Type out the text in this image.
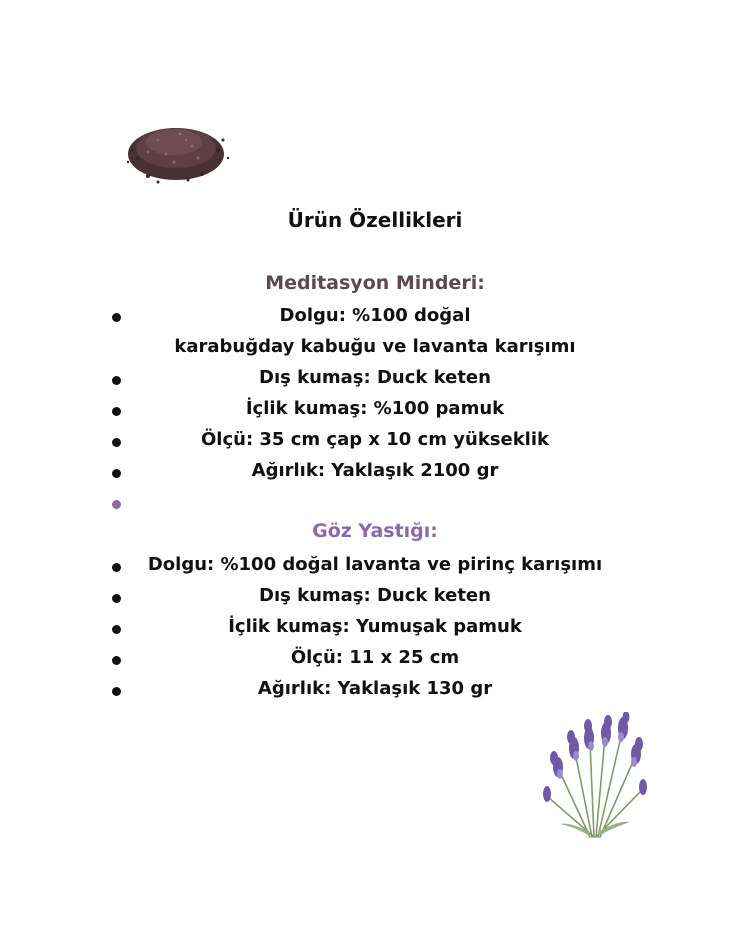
Ürün Özellikleri
Meditasyon Minderi:
Dolgu: %100 doğal
karabuğday kabuğu ve lavanta karışımı
Dış kumaş: Duck keten
İçlik kumaş: %100 pamuk
Ölçü: 35 cm çap x 10 cm yükseklik
Ağırlık: Yaklaşık 2100 gr
Göz Yastığı:
Dolgu: %100 doğal lavanta ve pirinç karışımı
Dış kumaş: Duck keten
İçlik kumaş: Yumuşak pamuk
Ölçü: 11 x 25 cm
Ağırlık: Yaklaşık 130 gr
